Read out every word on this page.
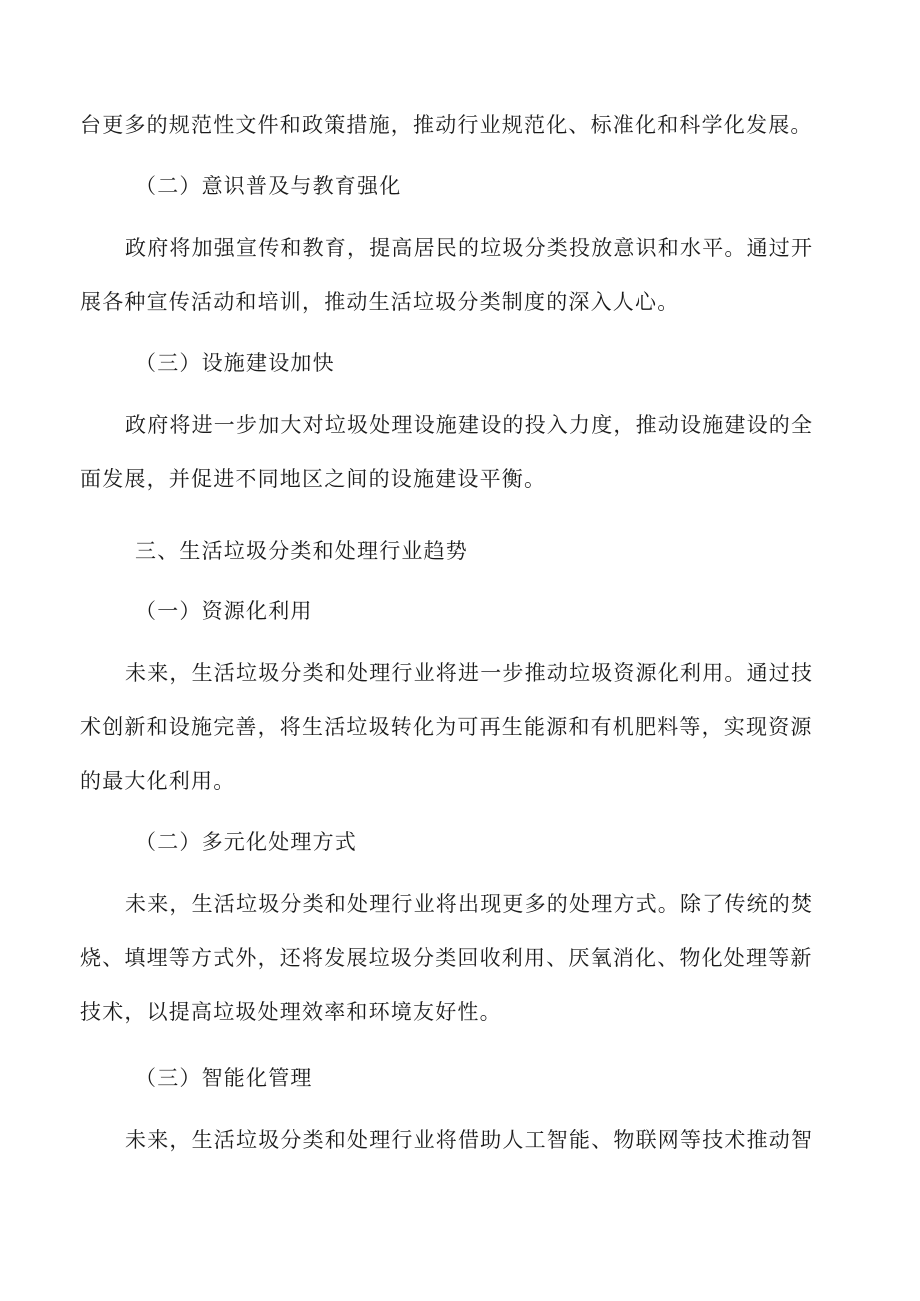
台更多的规范性文件和政策措施，推动行业规范化、标准化和科学化发展。
（二）意识普及与教育强化
政府将加强宣传和教育，提高居民的垃圾分类投放意识和水平。通过开
展各种宣传活动和培训，推动生活垃圾分类制度的深入人心。
（三）设施建设加快
政府将进一步加大对垃圾处理设施建设的投入力度，推动设施建设的全
面发展，并促进不同地区之间的设施建设平衡。
三、生活垃圾分类和处理行业趋势
（一）资源化利用
未来，生活垃圾分类和处理行业将进一步推动垃圾资源化利用。通过技
术创新和设施完善，将生活垃圾转化为可再生能源和有机肥料等，实现资源
的最大化利用。
（二）多元化处理方式
未来，生活垃圾分类和处理行业将出现更多的处理方式。除了传统的焚
烧、填埋等方式外，还将发展垃圾分类回收利用、厌氧消化、物化处理等新
技术，以提高垃圾处理效率和环境友好性。
（三）智能化管理
未来，生活垃圾分类和处理行业将借助人工智能、物联网等技术推动智
